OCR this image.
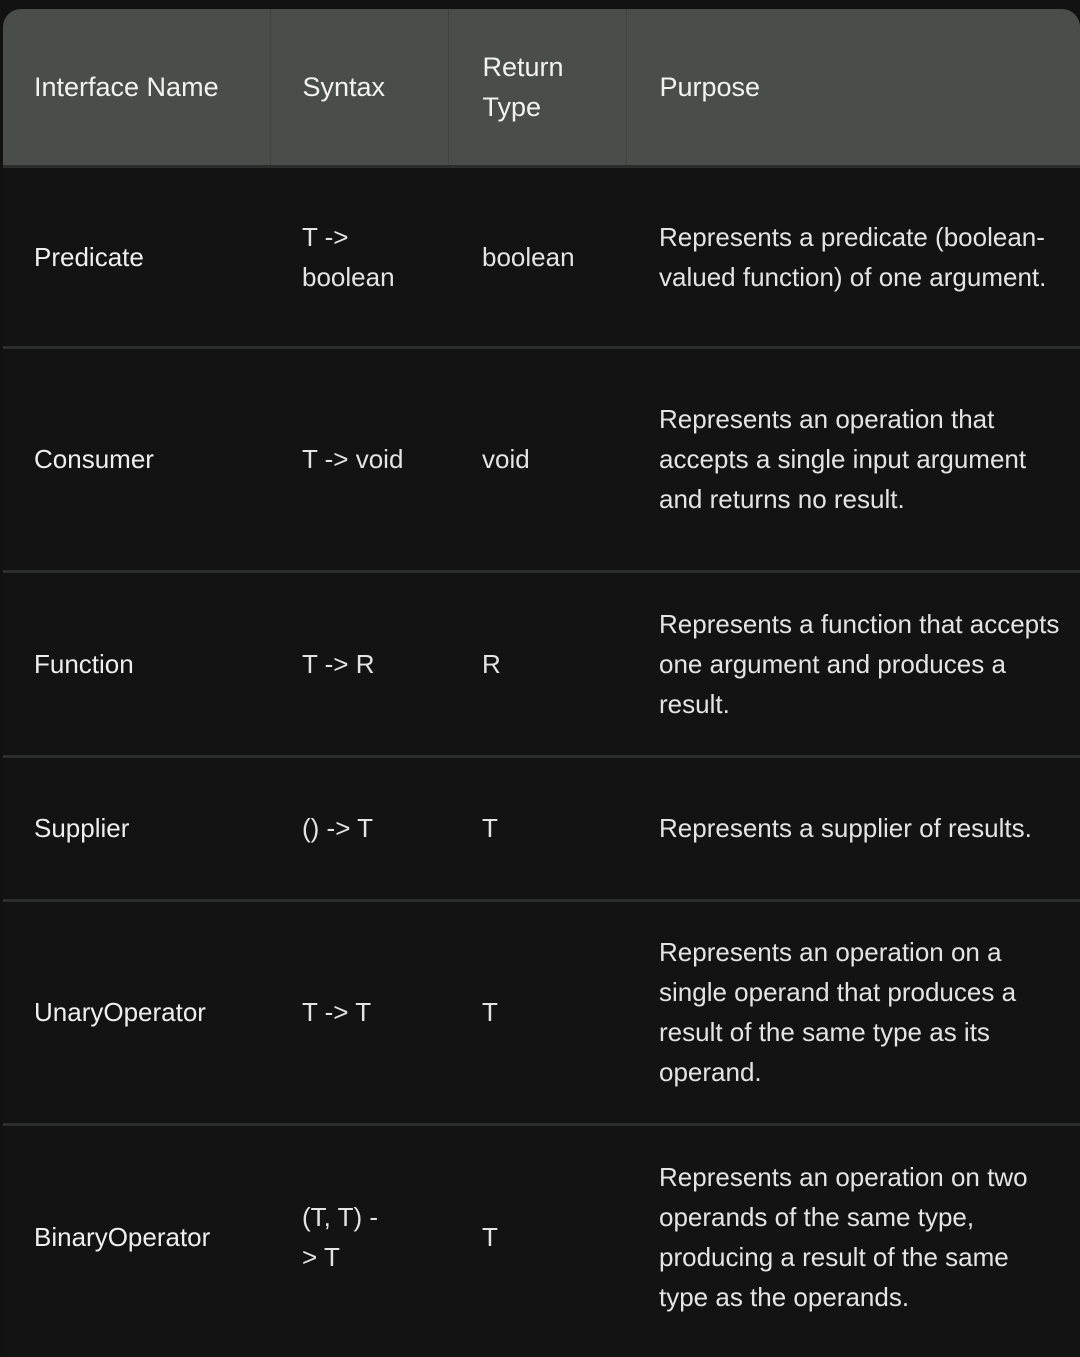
Interface Name	Syntax	Return Type	Purpose
Predicate	T -> boolean	boolean	Represents a predicate (boolean-valued function) of one argument.
Consumer	T -> void	void	Represents an operation that accepts a single input argument and returns no result.
Function	T -> R	R	Represents a function that accepts one argument and produces a result.
Supplier	() -> T	T	Represents a supplier of results.
UnaryOperator	T -> T	T	Represents an operation on a single operand that produces a result of the same type as its operand.
BinaryOperator	(T, T) -> T	T	Represents an operation on two operands of the same type, producing a result of the same type as the operands.
